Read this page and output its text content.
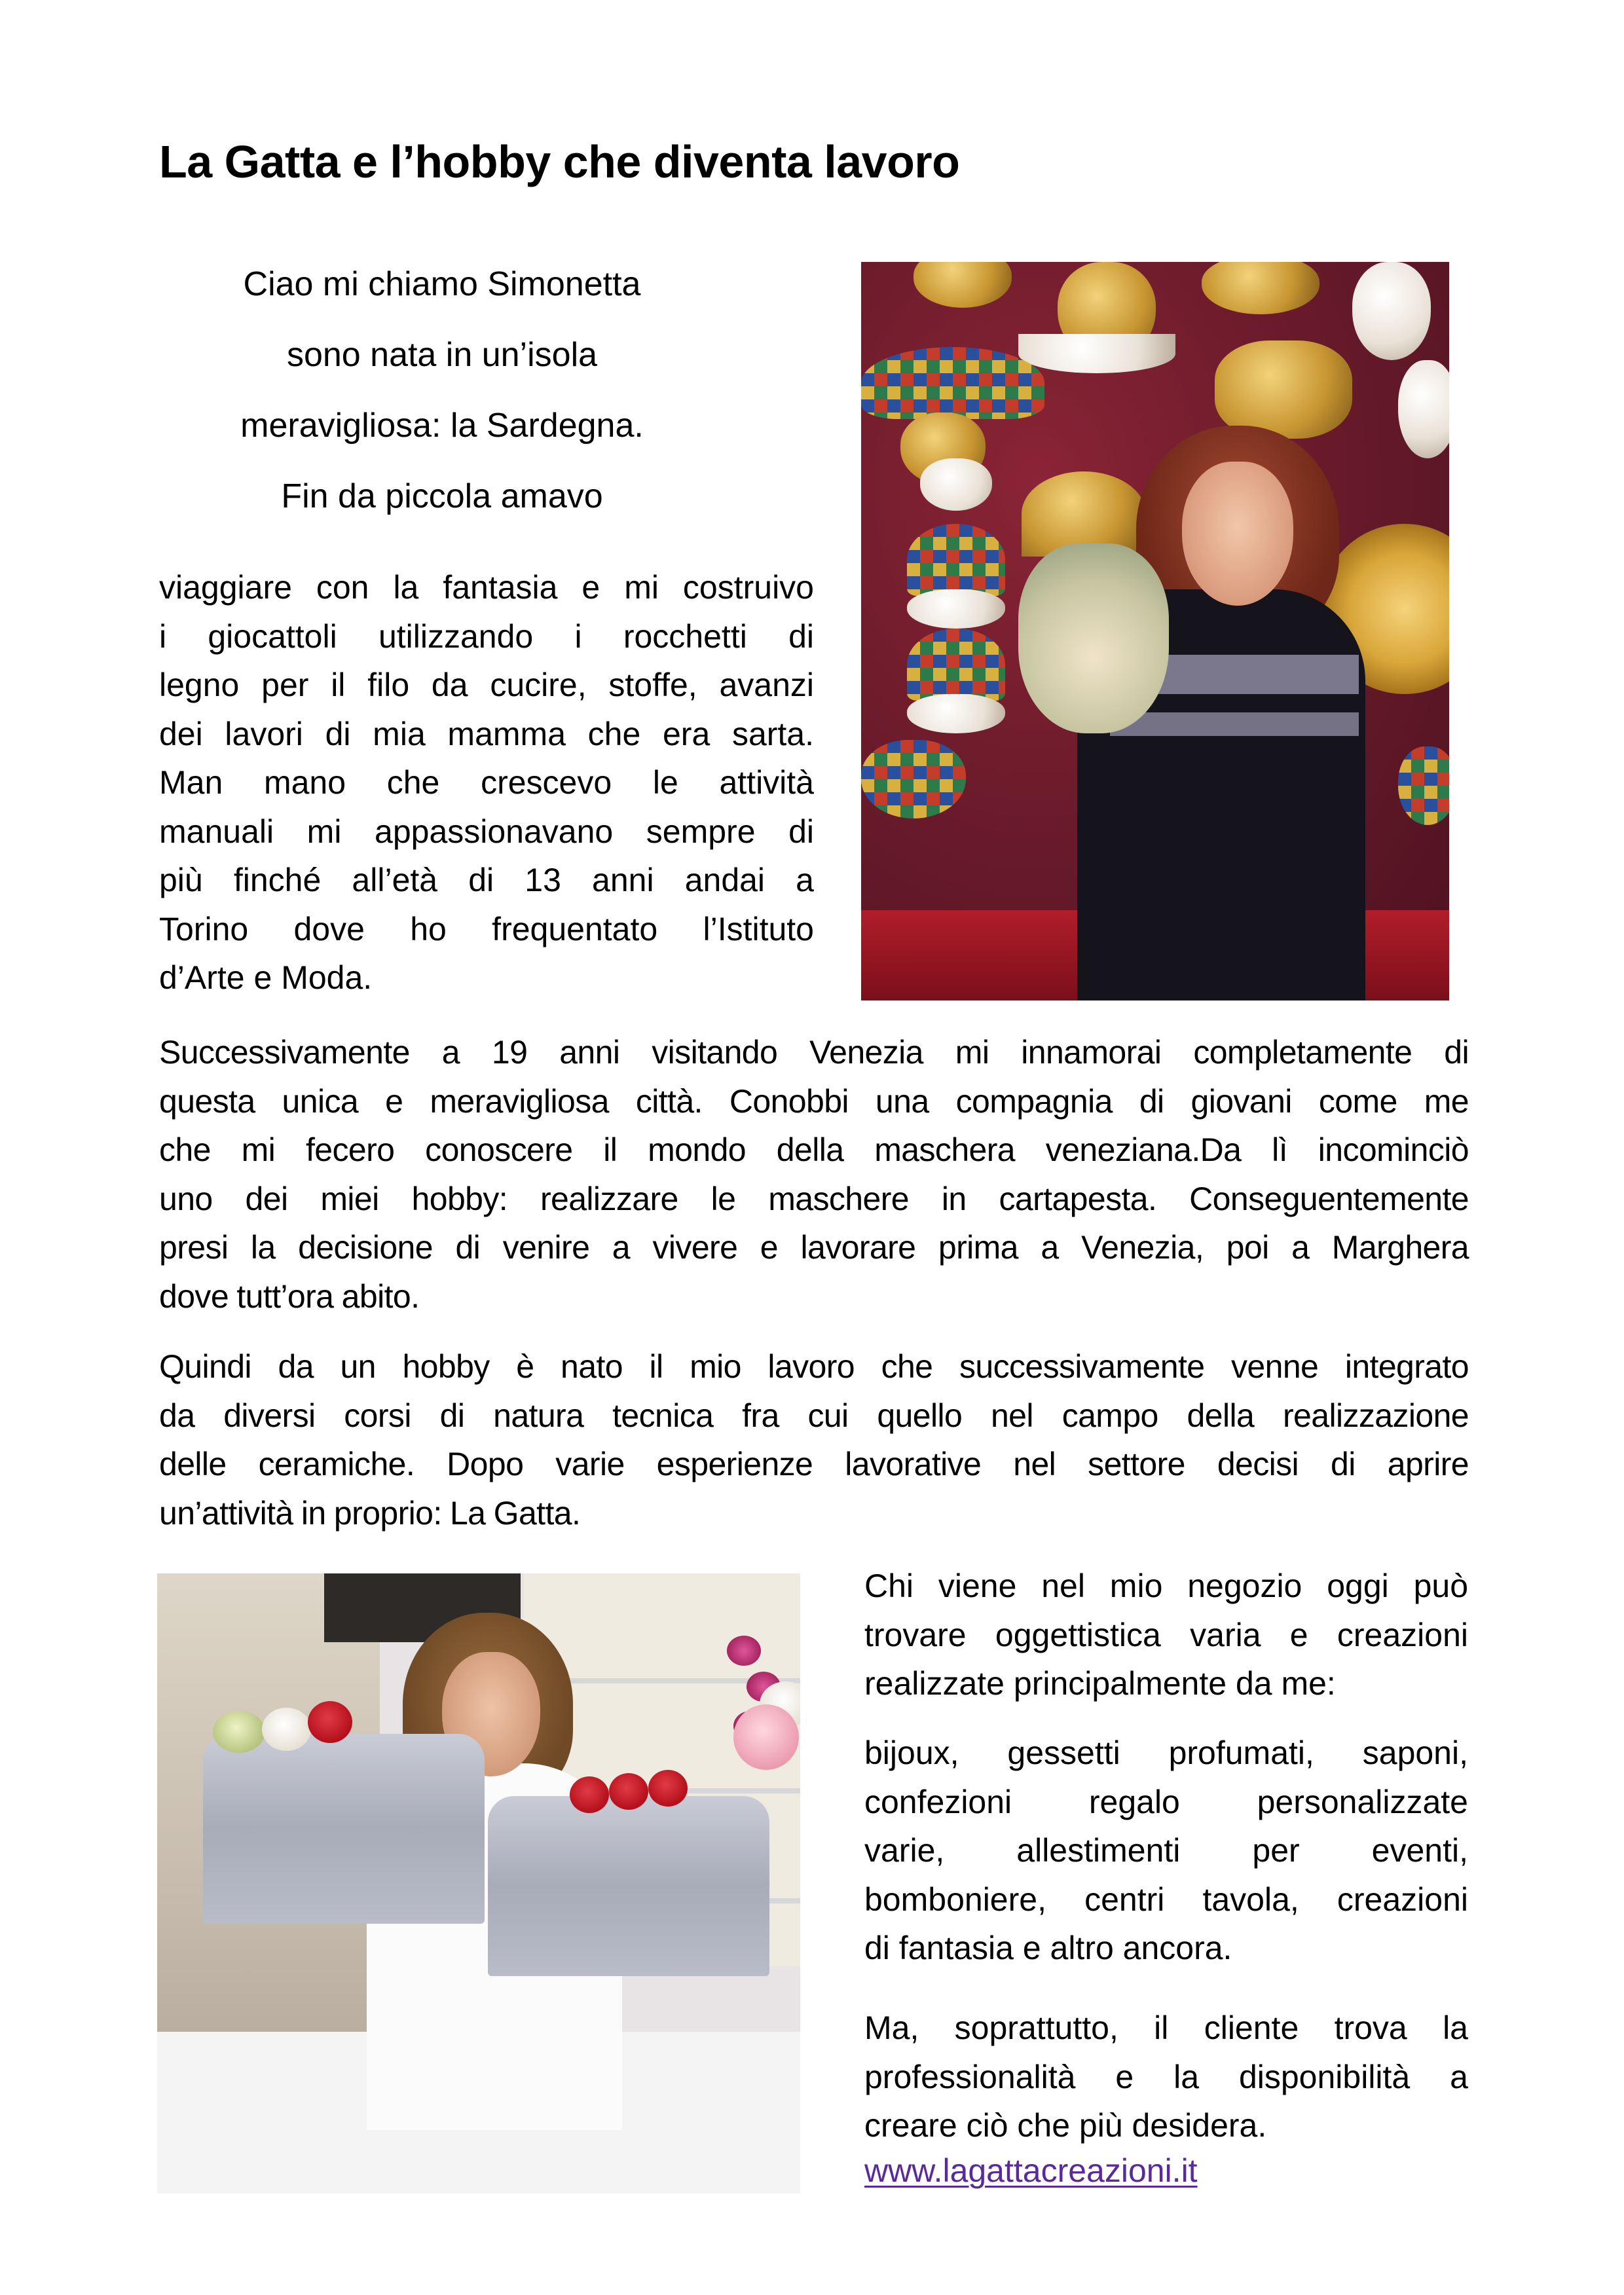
La Gatta e l’hobby che diventa lavoro
Ciao mi chiamo Simonetta
sono nata in un’isola
meravigliosa: la Sardegna.
Fin da piccola amavo
viaggiare con la fantasia e mi costruivo
i giocattoli utilizzando i rocchetti di
legno per il filo da cucire, stoffe, avanzi
dei lavori di mia mamma che era sarta.
Man mano che crescevo le attività
manuali mi appassionavano sempre di
più finché all’età di 13 anni andai a
Torino dove ho frequentato l’Istituto
d’Arte e Moda.
Successivamente a 19 anni visitando Venezia mi innamorai completamente di
questa unica e meravigliosa città. Conobbi una compagnia di giovani come me
che mi fecero conoscere il mondo della maschera veneziana.Da lì incominciò
uno dei miei hobby: realizzare le maschere in cartapesta. Conseguentemente
presi la decisione di venire a vivere e lavorare prima a Venezia, poi a Marghera
dove tutt’ora abito.
Quindi da un hobby è nato il mio lavoro che successivamente venne integrato
da diversi corsi di natura tecnica fra cui quello nel campo della realizzazione
delle ceramiche. Dopo varie esperienze lavorative nel settore decisi di aprire
un’attività in proprio: La Gatta.
Chi viene nel mio negozio oggi può
trovare oggettistica varia e creazioni
realizzate principalmente da me:
bijoux, gessetti profumati, saponi,
confezioni regalo personalizzate
varie, allestimenti per eventi,
bomboniere, centri tavola, creazioni
di fantasia e altro ancora.
Ma, soprattutto, il cliente trova la
professionalità e la disponibilità a
creare ciò che più desidera.
www.lagattacreazioni.it
